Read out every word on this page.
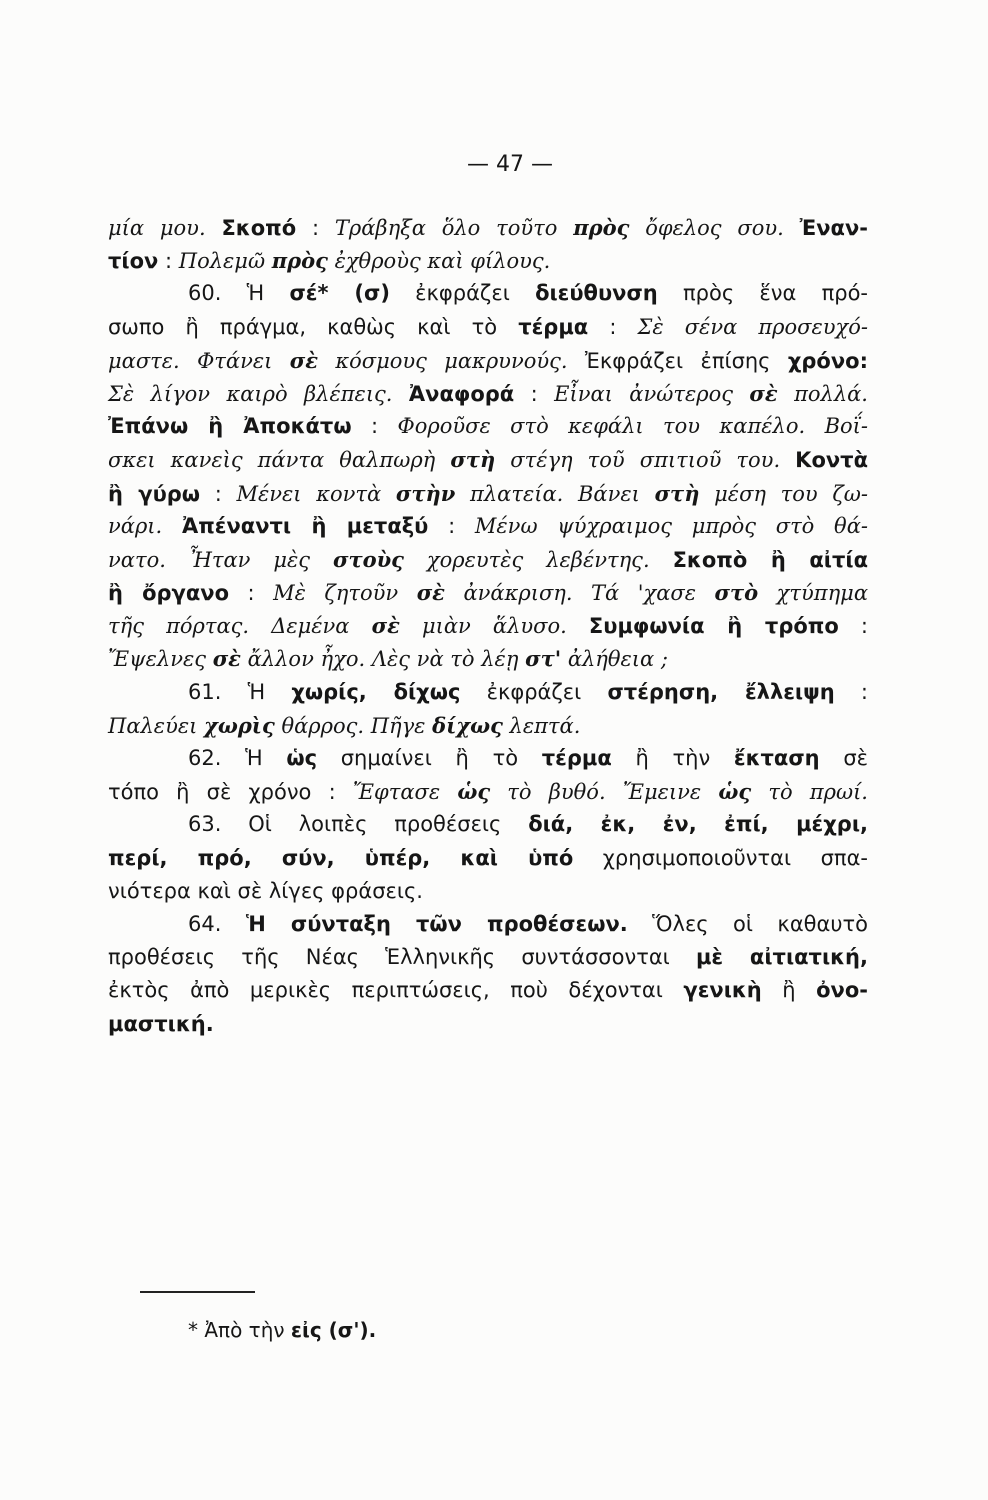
— 47 —
μία μου. Σκοπό : Τράβηξα ὅλο τοῦτο πρὸς ὄφελος σου. Ἐναν-
τίον : Πολεμῶ πρὸς ἐχθροὺς καὶ φίλους.
60. Ἡ σέ* (σ) ἐκφράζει διεύθυνση πρὸς ἕνα πρό-
σωπο ἢ πράγμα, καθὼς καὶ τὸ τέρμα : Σὲ σένα προσευχό-
μαστε. Φτάνει σὲ κόσμους μακρυνούς. Ἐκφράζει ἐπίσης χρόνο:
Σὲ λίγον καιρὸ βλέπεις. Ἀναφορά : Εἶναι ἀνώτερος σὲ πολλά.
Ἐπάνω ἢ Ἀποκάτω : Φοροῦσε στὸ κεφάλι του καπέλο. Βοΐ-
σκει κανεὶς πάντα θαλπωρὴ στὴ στέγη τοῦ σπιτιοῦ του. Κοντὰ
ἢ γύρω : Μένει κοντὰ στὴν πλατεία. Βάνει στὴ μέση του ζω-
νάρι. Ἀπέναντι ἢ μεταξύ : Μένω ψύχραιμος μπρὸς στὸ θά-
νατο. Ἦταν μὲς στοὺς χορευτὲς λεβέντης. Σκοπὸ ἢ αἰτία
ἢ ὄργανο : Μὲ ζητοῦν σὲ ἀνάκριση. Τά 'χασε στὸ χτύπημα
τῆς πόρτας. Δεμένα σὲ μιὰν ἅλυσο. Συμφωνία ἢ τρόπο :
Ἔψελνες σὲ ἄλλον ἦχο. Λὲς νὰ τὸ λέῃ στ' ἀλήθεια ;
61. Ἡ χωρίς, δίχως ἐκφράζει στέρηση, ἔλλειψη :
Παλεύει χωρὶς θάρρος. Πῆγε δίχως λεπτά.
62. Ἡ ὡς σημαίνει ἢ τὸ τέρμα ἢ τὴν ἔκταση σὲ
τόπο ἢ σὲ χρόνο : Ἔφτασε ὡς τὸ βυθό. Ἔμεινε ὡς τὸ πρωί.
63. Οἱ λοιπὲς προθέσεις διά, ἐκ, ἐν, ἐπί, μέχρι,
περί, πρό, σύν, ὑπέρ, καὶ ὑπό χρησιμοποιοῦνται σπα-
νιότερα καὶ σὲ λίγες φράσεις.
64. Ἡ σύνταξη τῶν προθέσεων. Ὅλες οἱ καθαυτὸ
προθέσεις τῆς Νέας Ἑλληνικῆς συντάσσονται μὲ αἰτιατική,
ἐκτὸς ἀπὸ μερικὲς περιπτώσεις, ποὺ δέχονται γενικὴ ἢ ὀνο-
μαστική.
* Ἀπὸ τὴν εἰς (σ').
